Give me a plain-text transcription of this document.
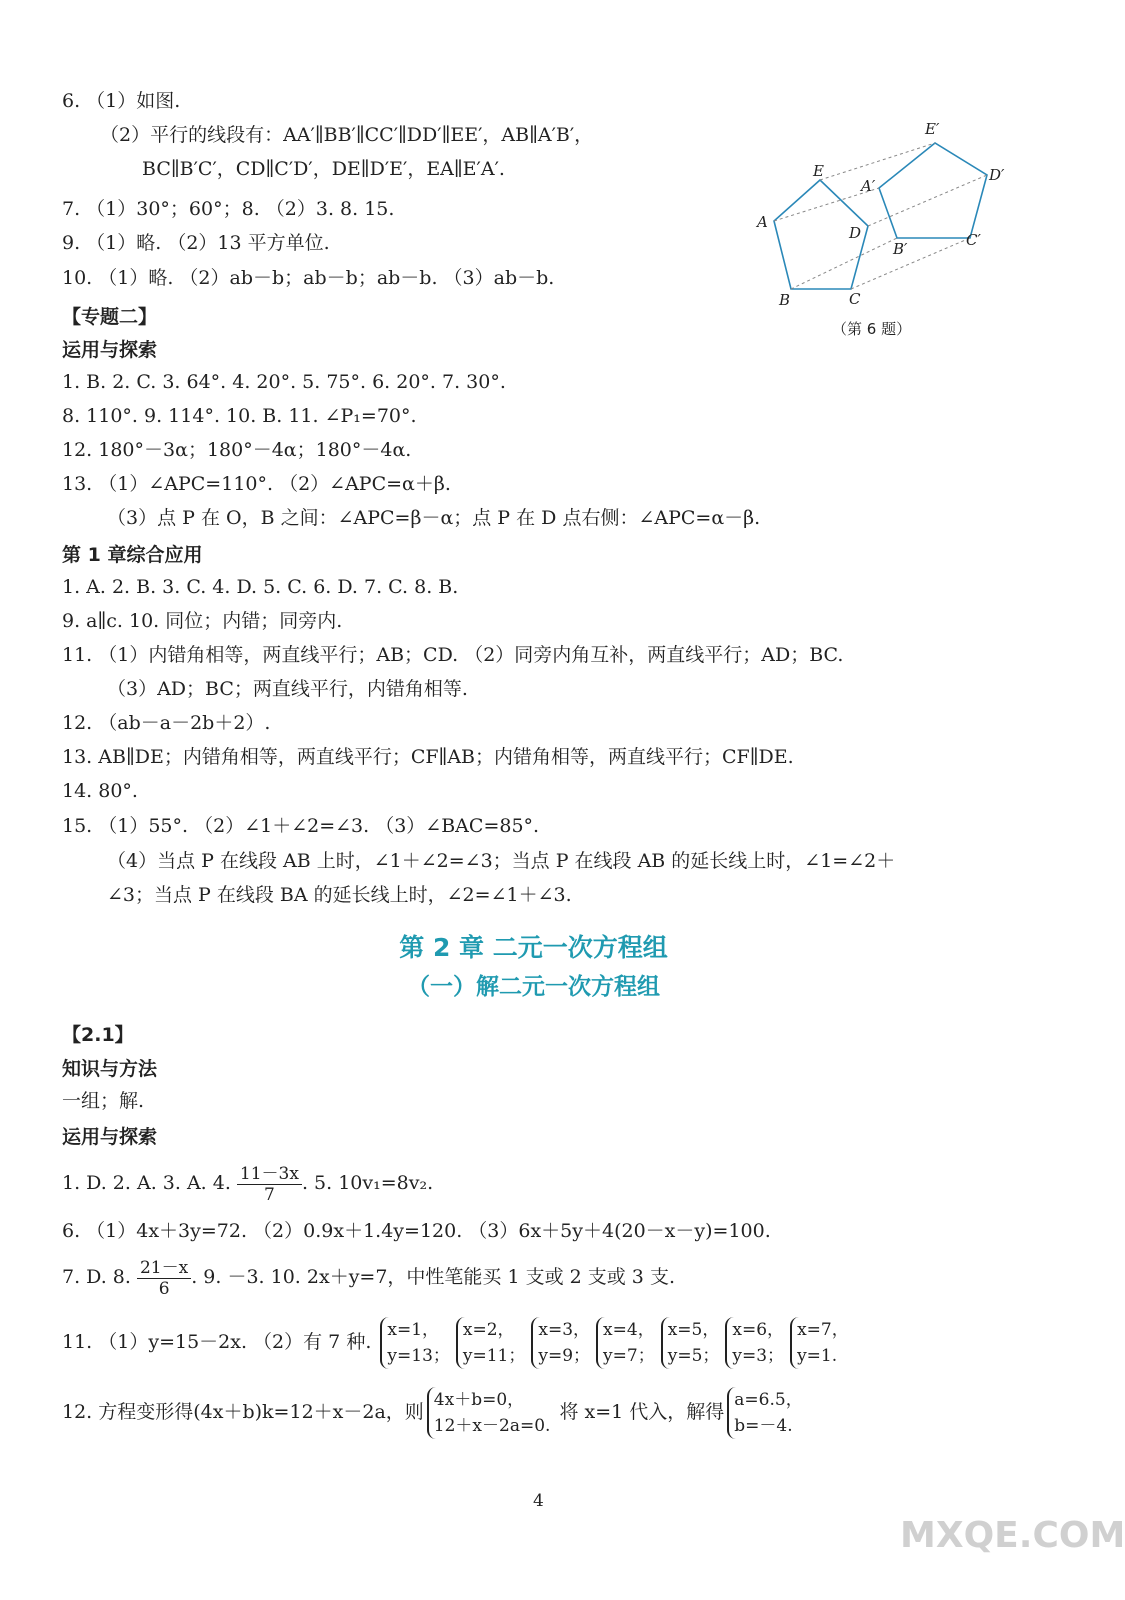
E
A
B	C
D
E′
A′
B′	C′
D′
（第 6 题）
6. （1）如图.
（2）平行的线段有：AA′∥BB′∥CC′∥DD′∥EE′，AB∥A′B′，
BC∥B′C′，CD∥C′D′，DE∥D′E′，EA∥E′A′.
7. （1）30°；60°；8. （2）3. 8. 15.
9. （1）略. （2）13 平方单位.
10. （1）略. （2）ab－b；ab－b；ab－b. （3）ab－b.
【专题二】
运用与探索
1. B. 2. C. 3. 64°. 4. 20°. 5. 75°. 6. 20°. 7. 30°.
8. 110°. 9. 114°. 10. B. 11. ∠P₁=70°.
12. 180°－3α；180°－4α；180°－4α.
13. （1）∠APC=110°. （2）∠APC=α＋β.
（3）点 P 在 O，B 之间：∠APC=β－α；点 P 在 D 点右侧：∠APC=α－β.
第 1 章综合应用
1. A. 2. B. 3. C. 4. D. 5. C. 6. D. 7. C. 8. B.
9. a∥c. 10. 同位；内错；同旁内.
11. （1）内错角相等，两直线平行；AB；CD. （2）同旁内角互补，两直线平行；AD；BC.
（3）AD；BC；两直线平行，内错角相等.
12. （ab－a－2b＋2）.
13. AB∥DE；内错角相等，两直线平行；CF∥AB；内错角相等，两直线平行；CF∥DE.
14. 80°.
15. （1）55°. （2）∠1＋∠2=∠3. （3）∠BAC=85°.
（4）当点 P 在线段 AB 上时，∠1＋∠2=∠3；当点 P 在线段 AB 的延长线上时，∠1=∠2＋
∠3；当点 P 在线段 BA 的延长线上时，∠2=∠1＋∠3.
第 2 章 二元一次方程组
（一）解二元一次方程组
【2.1】
知识与方法
一组；解.
运用与探索
1. D. 2. A. 3. A. 4. $\frac{11-3x}{7}$ . 5. 10v₁=8v₂.
6. （1）4x＋3y=72. （2）0.9x＋1.4y=120. （3）6x＋5y＋4(20－x－y)=100.
7. D. 8. $\frac{21-x}{6}$ . 9. －3. 10. 2x＋y=7，中性笔能买 1 支或 2 支或 3 支.
11. （1）y=15－2x. （2）有 7 种.
x=1，
y=13；
x=2，
y=11；
x=3，
y=9；
x=4，
y=7；
x=5，
y=5；
x=6，
y=3；
x=7，
y=1.
12. 方程变形得(4x＋b)k=12＋x－2a，则
4x＋b=0，
12＋x－2a=0.
将 x=1 代入，解得
a=6.5，
b=－4.
4
MXQE.COM
